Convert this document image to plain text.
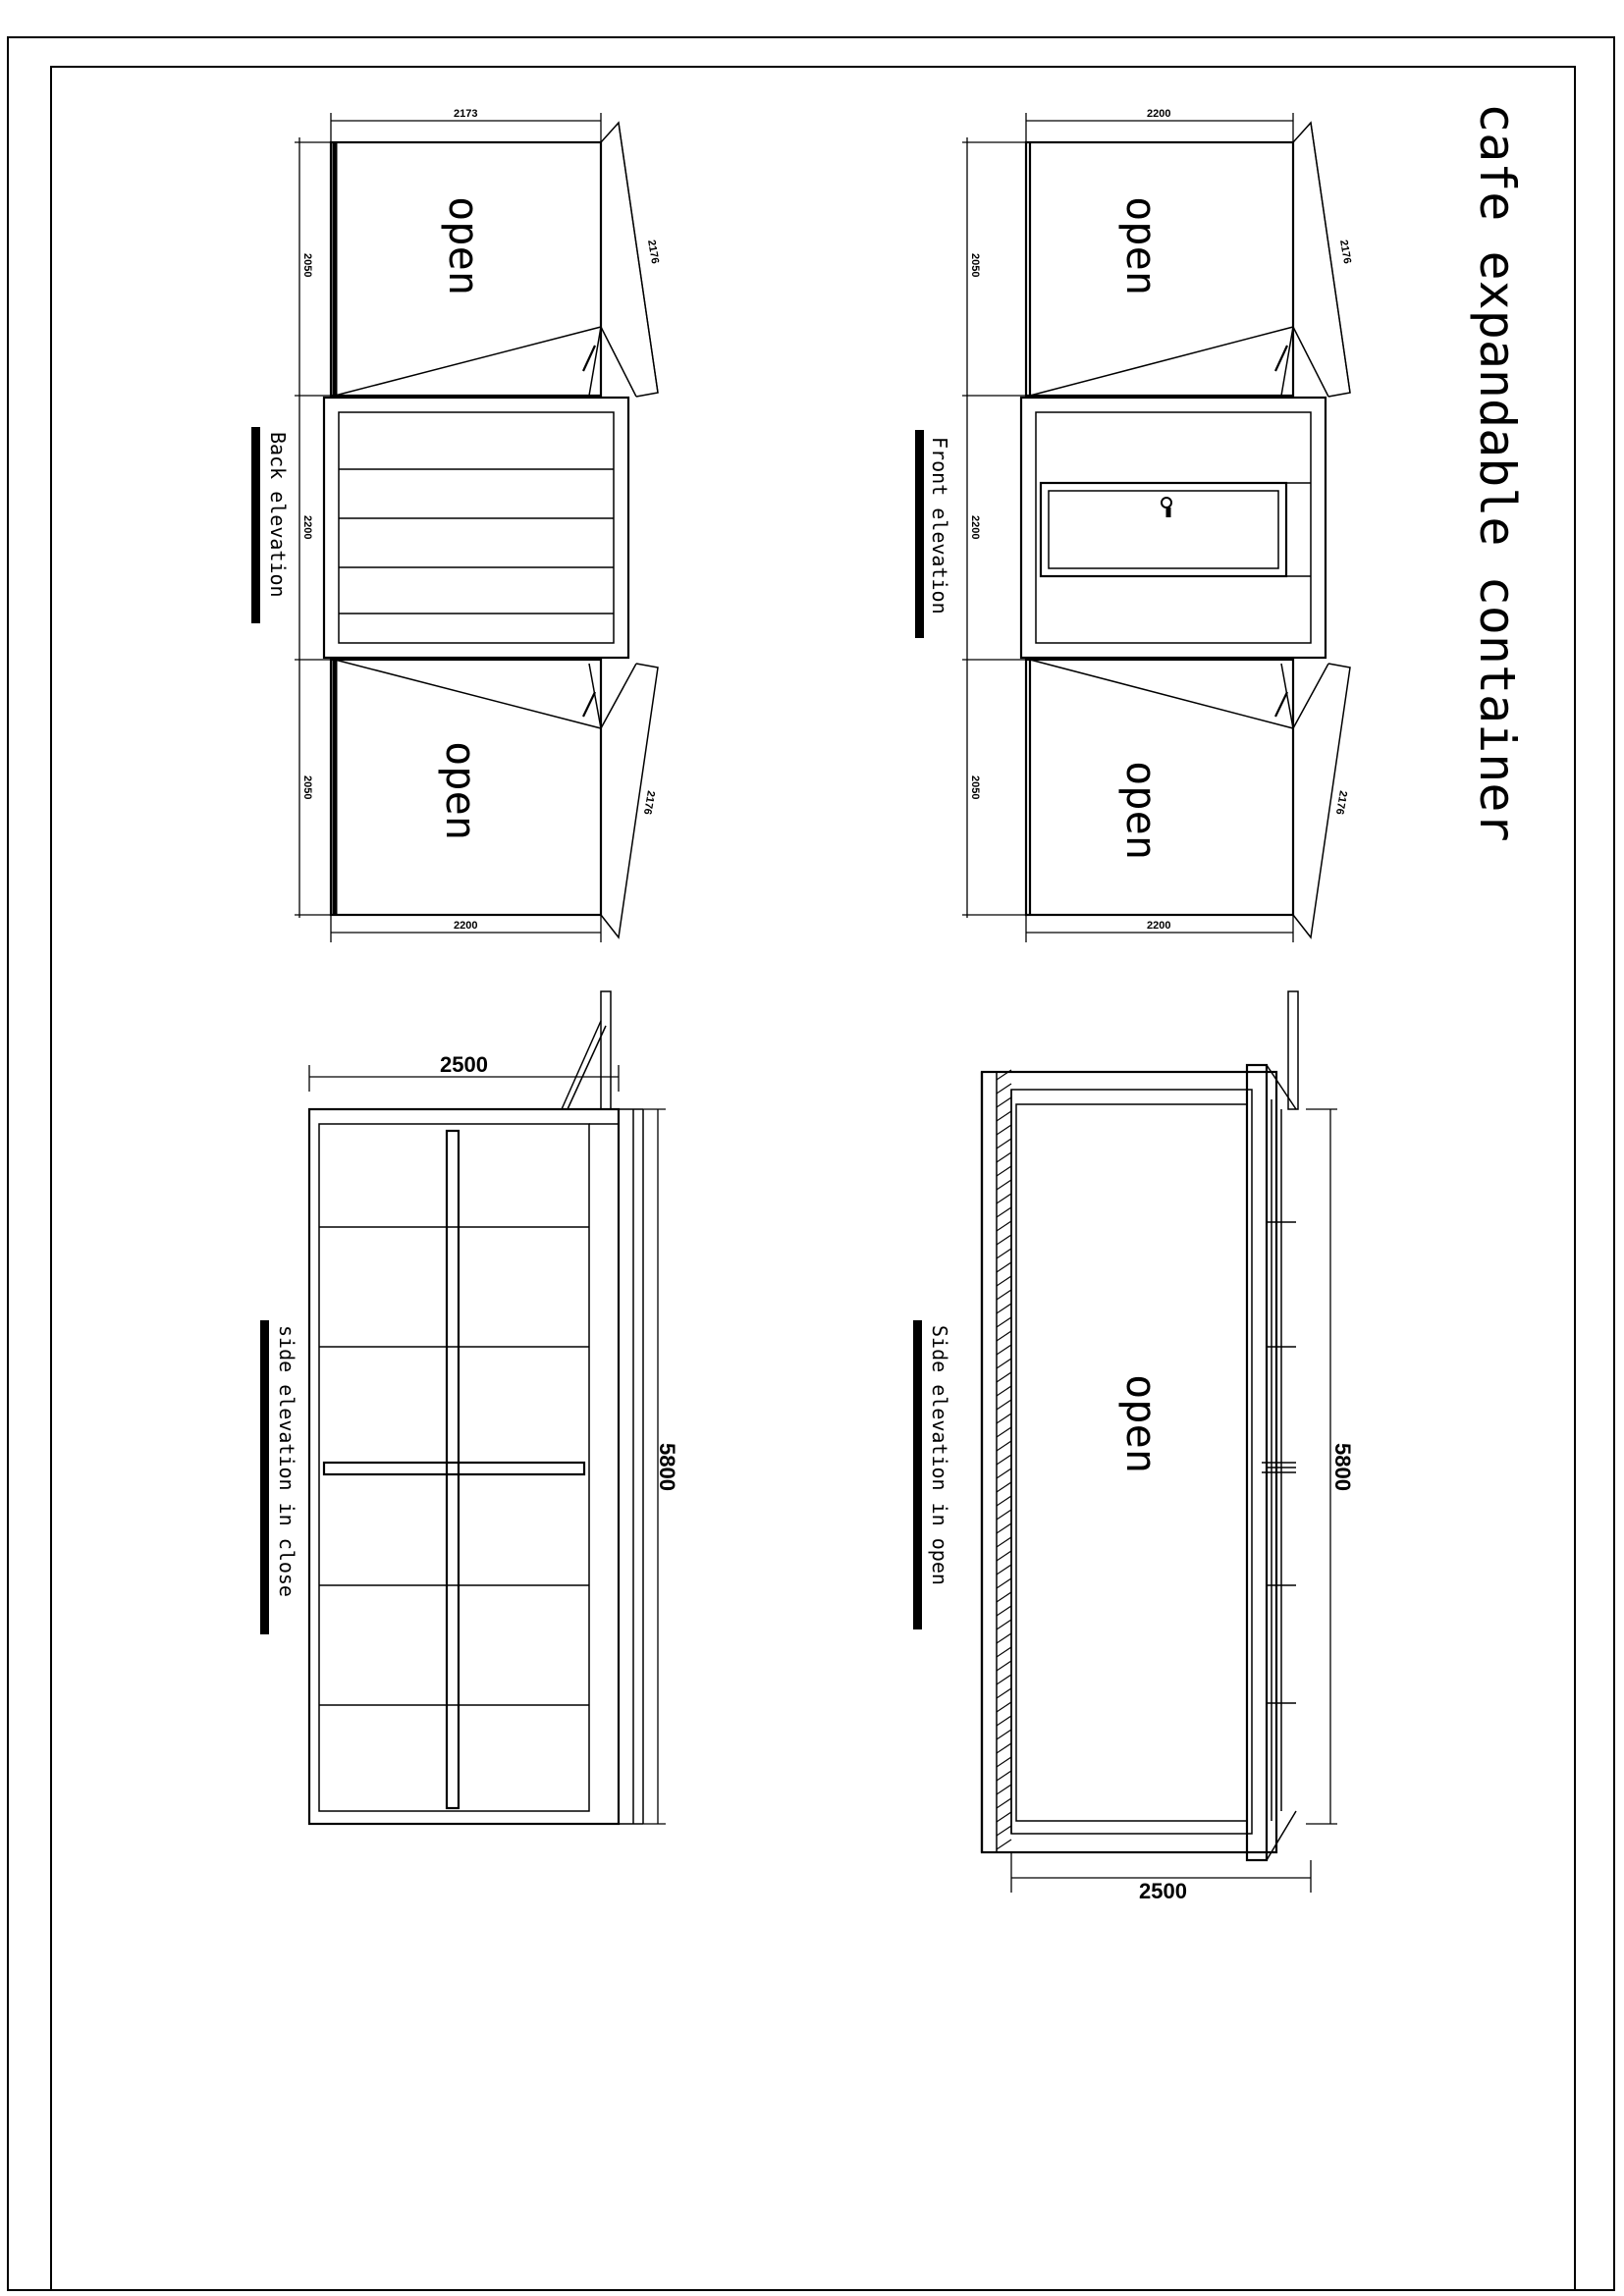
cafe expandable container
open
open
2173
2200
2050
2200
2050
2176
2176
Back elevation
open
open
2200
2200
2050
2200
2050
2176
2176
Front elevation
2500
5800
side elevation in close	open
2500
5800
Side elevation in open
